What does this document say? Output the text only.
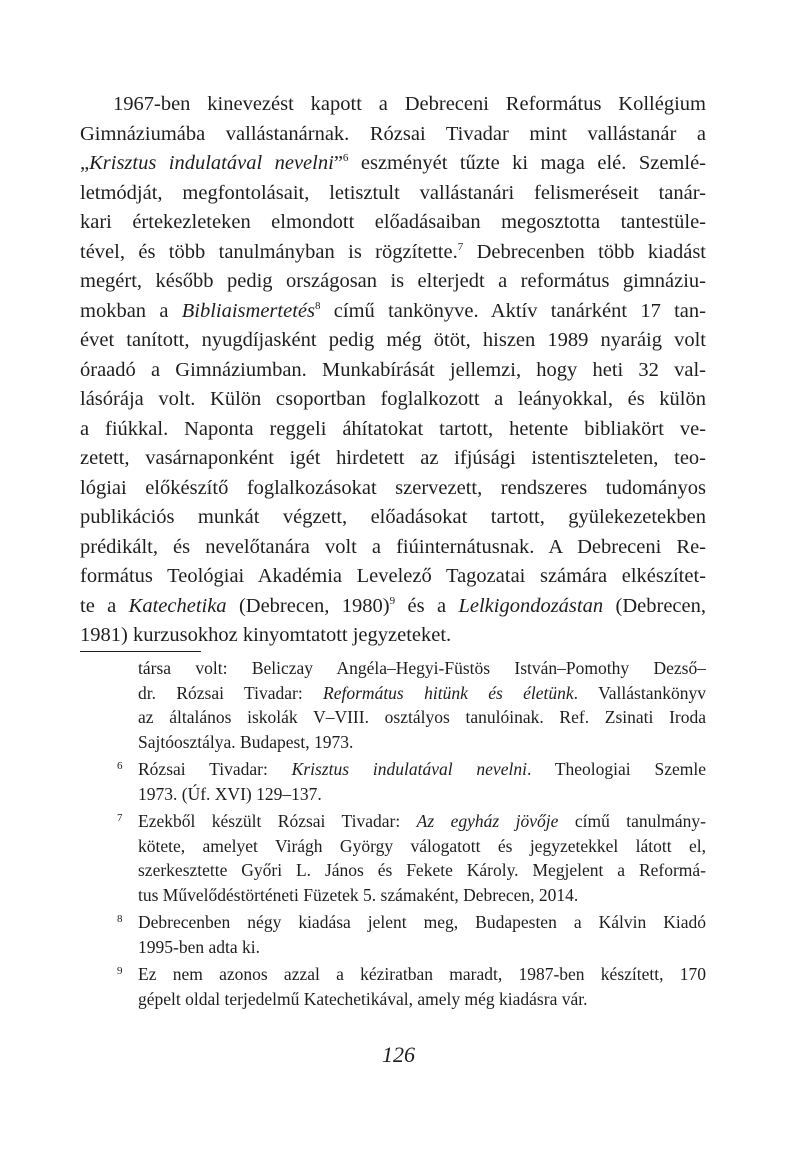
1967-ben kinevezést kapott a Debreceni Református Kollégium
Gimnáziumába vallástanárnak. Rózsai Tivadar mint vallástanár a
„Krisztus indulatával nevelni”$^6$ eszményét tűzte ki maga elé. Szemlé-
letmódját, megfontolásait, letisztult vallástanári felismeréseit tanár-
kari értekezleteken elmondott előadásaiban megosztotta tantestüle-
tével, és több tanulmányban is rögzítette.$^7$ Debrecenben több kiadást
megért, később pedig országosan is elterjedt a református gimnáziu-
mokban a Bibliaismertetés$^8$ című tankönyve. Aktív tanárként 17 tan-
évet tanított, nyugdíjasként pedig még ötöt, hiszen 1989 nyaráig volt
óraadó a Gimnáziumban. Munkabírását jellemzi, hogy heti 32 val-
lásórája volt. Külön csoportban foglalkozott a leányokkal, és külön
a fiúkkal. Naponta reggeli áhítatokat tartott, hetente bibliakört ve-
zetett, vasárnaponként igét hirdetett az ifjúsági istentiszteleten, teo-
lógiai előkészítő foglalkozásokat szervezett, rendszeres tudományos
publikációs munkát végzett, előadásokat tartott, gyülekezetekben
prédikált, és nevelőtanára volt a fiúinternátusnak. A Debreceni Re-
formátus Teológiai Akadémia Levelező Tagozatai számára elkészítet-
te a Katechetika (Debrecen, 1980)$^9$ és a Lelkigondozástan (Debrecen,
1981) kurzusokhoz kinyomtatott jegyzeteket.
társa volt: Beliczay Angéla–Hegyi-Füstös István–Pomothy Dezső–
dr. Rózsai Tivadar: Református hitünk és életünk. Vallástankönyv
az általános iskolák V–VIII. osztályos tanulóinak. Ref. Zsinati Iroda
Sajtóosztálya. Budapest, 1973.
6 Rózsai Tivadar: Krisztus indulatával nevelni. Theologiai Szemle
1973. (Úf. XVI) 129–137.
7 Ezekből készült Rózsai Tivadar: Az egyház jövője című tanulmány-
kötete, amelyet Virágh György válogatott és jegyzetekkel látott el,
szerkesztette Győri L. János és Fekete Károly. Megjelent a Reformá-
tus Művelődéstörténeti Füzetek 5. számaként, Debrecen, 2014.
8 Debrecenben négy kiadása jelent meg, Budapesten a Kálvin Kiadó
1995-ben adta ki.
9 Ez nem azonos azzal a kéziratban maradt, 1987-ben készített, 170
gépelt oldal terjedelmű Katechetikával, amely még kiadásra vár.
126
